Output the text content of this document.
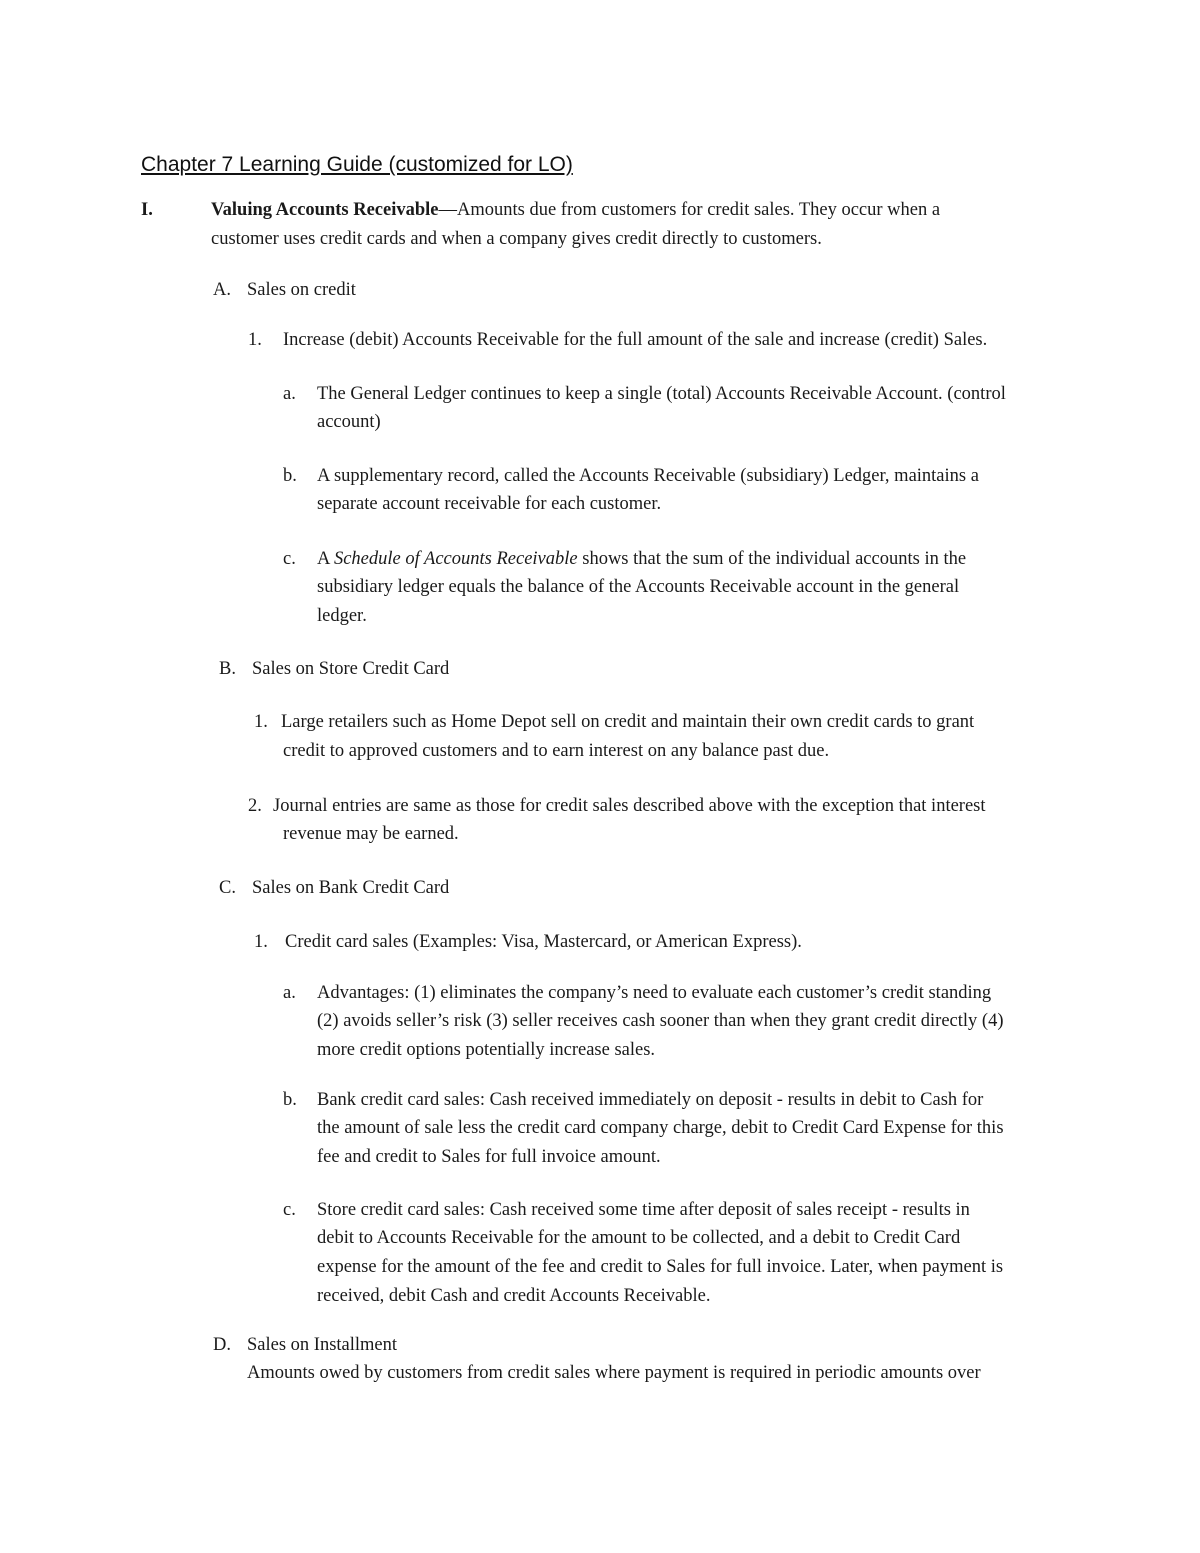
Chapter 7 Learning Guide (customized for LO)
I.	Valuing Accounts Receivable—Amounts due from customers for credit sales. They occur when a
customer uses credit cards and when a company gives credit directly to customers.
A. Sales on credit
1. Increase (debit) Accounts Receivable for the full amount of the sale and increase (credit) Sales.
a. The General Ledger continues to keep a single (total) Accounts Receivable Account. (control
account)
b. A supplementary record, called the Accounts Receivable (subsidiary) Ledger, maintains a
separate account receivable for each customer.
c. A Schedule of Accounts Receivable shows that the sum of the individual accounts in the
subsidiary ledger equals the balance of the Accounts Receivable account in the general
ledger.
B. Sales on Store Credit Card
1. Large retailers such as Home Depot sell on credit and maintain their own credit cards to grant
credit to approved customers and to earn interest on any balance past due.
2. Journal entries are same as those for credit sales described above with the exception that interest
revenue may be earned.
C. Sales on Bank Credit Card
1. Credit card sales (Examples: Visa, Mastercard, or American Express).
a. Advantages: (1) eliminates the company’s need to evaluate each customer’s credit standing
(2) avoids seller’s risk (3) seller receives cash sooner than when they grant credit directly (4)
more credit options potentially increase sales.
b. Bank credit card sales: Cash received immediately on deposit - results in debit to Cash for
the amount of sale less the credit card company charge, debit to Credit Card Expense for this
fee and credit to Sales for full invoice amount.
c. Store credit card sales: Cash received some time after deposit of sales receipt - results in
debit to Accounts Receivable for the amount to be collected, and a debit to Credit Card
expense for the amount of the fee and credit to Sales for full invoice. Later, when payment is
received, debit Cash and credit Accounts Receivable.
D. Sales on Installment
Amounts owed by customers from credit sales where payment is required in periodic amounts over
